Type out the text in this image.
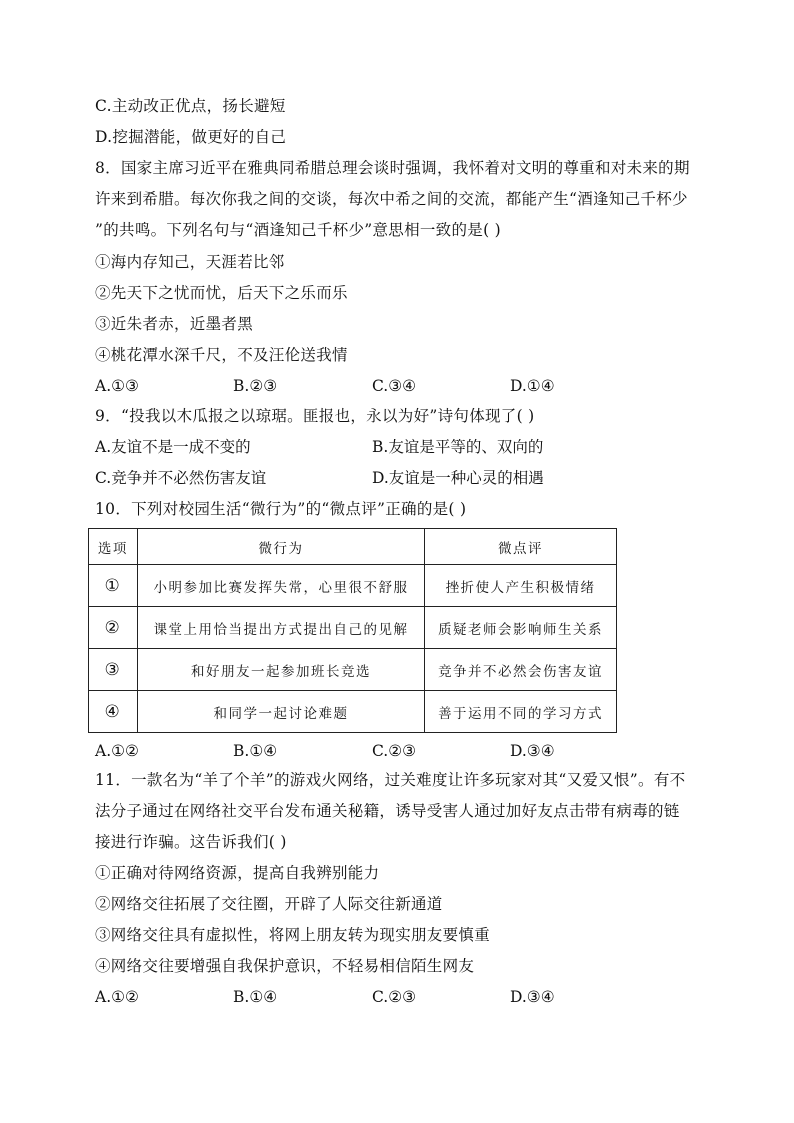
C.主动改正优点，扬长避短
D.挖掘潜能，做更好的自己
8．国家主席习近平在雅典同希腊总理会谈时强调，我怀着对文明的尊重和对未来的期
许来到希腊。每次你我之间的交谈，每次中希之间的交流，都能产生“酒逢知己千杯少
”的共鸣。下列名句与“酒逢知己千杯少”意思相一致的是( )
①海内存知己，天涯若比邻
②先天下之忧而忧，后天下之乐而乐
③近朱者赤，近墨者黑
④桃花潭水深千尺，不及汪伦送我情
A.①③	B.②③	C.③④	D.①④
9．“投我以木瓜报之以琼琚。匪报也，永以为好”诗句体现了( )
A.友谊不是一成不变的	B.友谊是平等的、双向的
C.竞争并不必然伤害友谊	D.友谊是一种心灵的相遇
10．下列对校园生活“微行为”的“微点评”正确的是( )
选项	微行为	微点评
①	小明参加比赛发挥失常，心里很不舒服	挫折使人产生积极情绪
②	课堂上用恰当提出方式提出自己的见解	质疑老师会影响师生关系
③	和好朋友一起参加班长竞选	竞争并不必然会伤害友谊
④	和同学一起讨论难题	善于运用不同的学习方式
A.①②	B.①④	C.②③	D.③④
11．一款名为“羊了个羊”的游戏火网络，过关难度让许多玩家对其“又爱又恨”。有不
法分子通过在网络社交平台发布通关秘籍，诱导受害人通过加好友点击带有病毒的链
接进行诈骗。这告诉我们( )
①正确对待网络资源，提高自我辨别能力
②网络交往拓展了交往圈，开辟了人际交往新通道
③网络交往具有虚拟性，将网上朋友转为现实朋友要慎重
④网络交往要增强自我保护意识，不轻易相信陌生网友
A.①②	B.①④	C.②③	D.③④
